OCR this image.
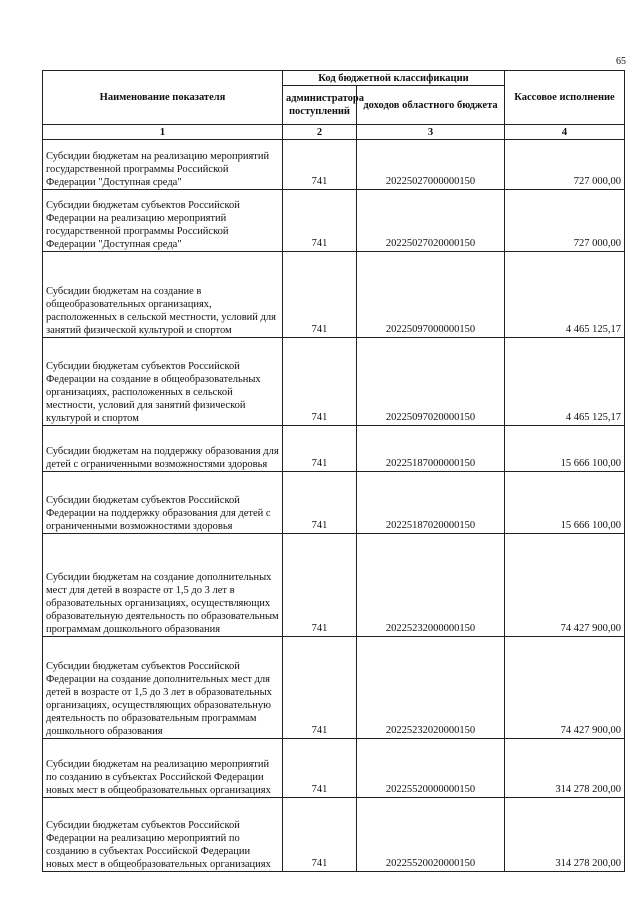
65
Наименование показателя	Код бюджетной классификации		Кассовое исполнение
	администратора поступлений	доходов областного бюджета	
1	2	3	4
Субсидии бюджетам на реализацию мероприятий государственной программы Российской Федерации "Доступная среда"	741	20225027000000150	727 000,00
Субсидии бюджетам субъектов Российской Федерации на реализацию мероприятий государственной программы Российской Федерации "Доступная среда"	741	20225027020000150	727 000,00
Субсидии бюджетам на создание в общеобразовательных организациях, расположенных в сельской местности, условий для занятий физической культурой и спортом	741	20225097000000150	4 465 125,17
Субсидии бюджетам субъектов Российской Федерации на создание в общеобразовательных организациях, расположенных в сельской местности, условий для занятий физической культурой и спортом	741	20225097020000150	4 465 125,17
Субсидии бюджетам на поддержку образования для детей с ограниченными возможностями здоровья	741	20225187000000150	15 666 100,00
Субсидии бюджетам субъектов Российской Федерации на поддержку образования для детей с ограниченными возможностями здоровья	741	20225187020000150	15 666 100,00
Субсидии бюджетам на создание дополнительных мест для детей в возрасте от 1,5 до 3 лет в образовательных организациях, осуществляющих образовательную деятельность по образовательным программам дошкольного образования	741	20225232000000150	74 427 900,00
Субсидии бюджетам субъектов Российской Федерации на создание дополнительных мест для детей в возрасте от 1,5 до 3 лет в образовательных организациях, осуществляющих образовательную деятельность по образовательным программам дошкольного образования	741	20225232020000150	74 427 900,00
Субсидии бюджетам на реализацию мероприятий по созданию в субъектах Российской Федерации новых мест в общеобразовательных организациях	741	20225520000000150	314 278 200,00
Субсидии бюджетам субъектов Российской Федерации на реализацию мероприятий по созданию в субъектах Российской Федерации новых мест в общеобразовательных организациях	741	20225520020000150	314 278 200,00
